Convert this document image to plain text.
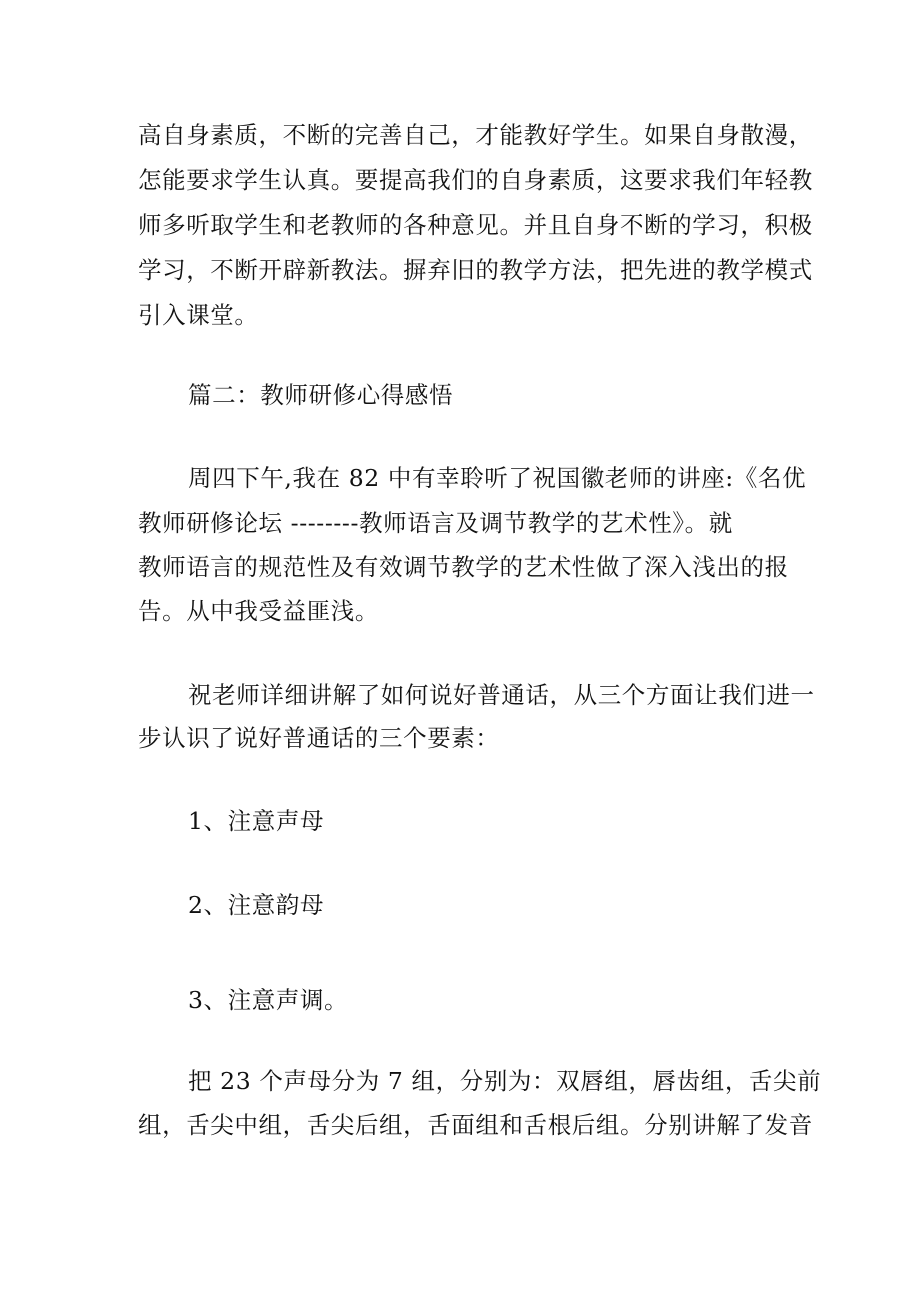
高自身素质，不断的完善自己，才能教好学生。如果自身散漫，
怎能要求学生认真。要提高我们的自身素质，这要求我们年轻教
师多听取学生和老教师的各种意见。并且自身不断的学习，积极
学习，不断开辟新教法。摒弃旧的教学方法，把先进的教学模式
引入课堂。
篇二：教师研修心得感悟
周四下午,我在 82 中有幸聆听了祝国徽老师的讲座:《名优
教师研修论坛 --------教师语言及调节教学的艺术性》。就
教师语言的规范性及有效调节教学的艺术性做了深入浅出的报
告。从中我受益匪浅。
祝老师详细讲解了如何说好普通话，从三个方面让我们进一
步认识了说好普通话的三个要素：
1、注意声母
2、注意韵母
3、注意声调。
把 23 个声母分为 7 组，分别为：双唇组，唇齿组，舌尖前
组，舌尖中组，舌尖后组，舌面组和舌根后组。分别讲解了发音
